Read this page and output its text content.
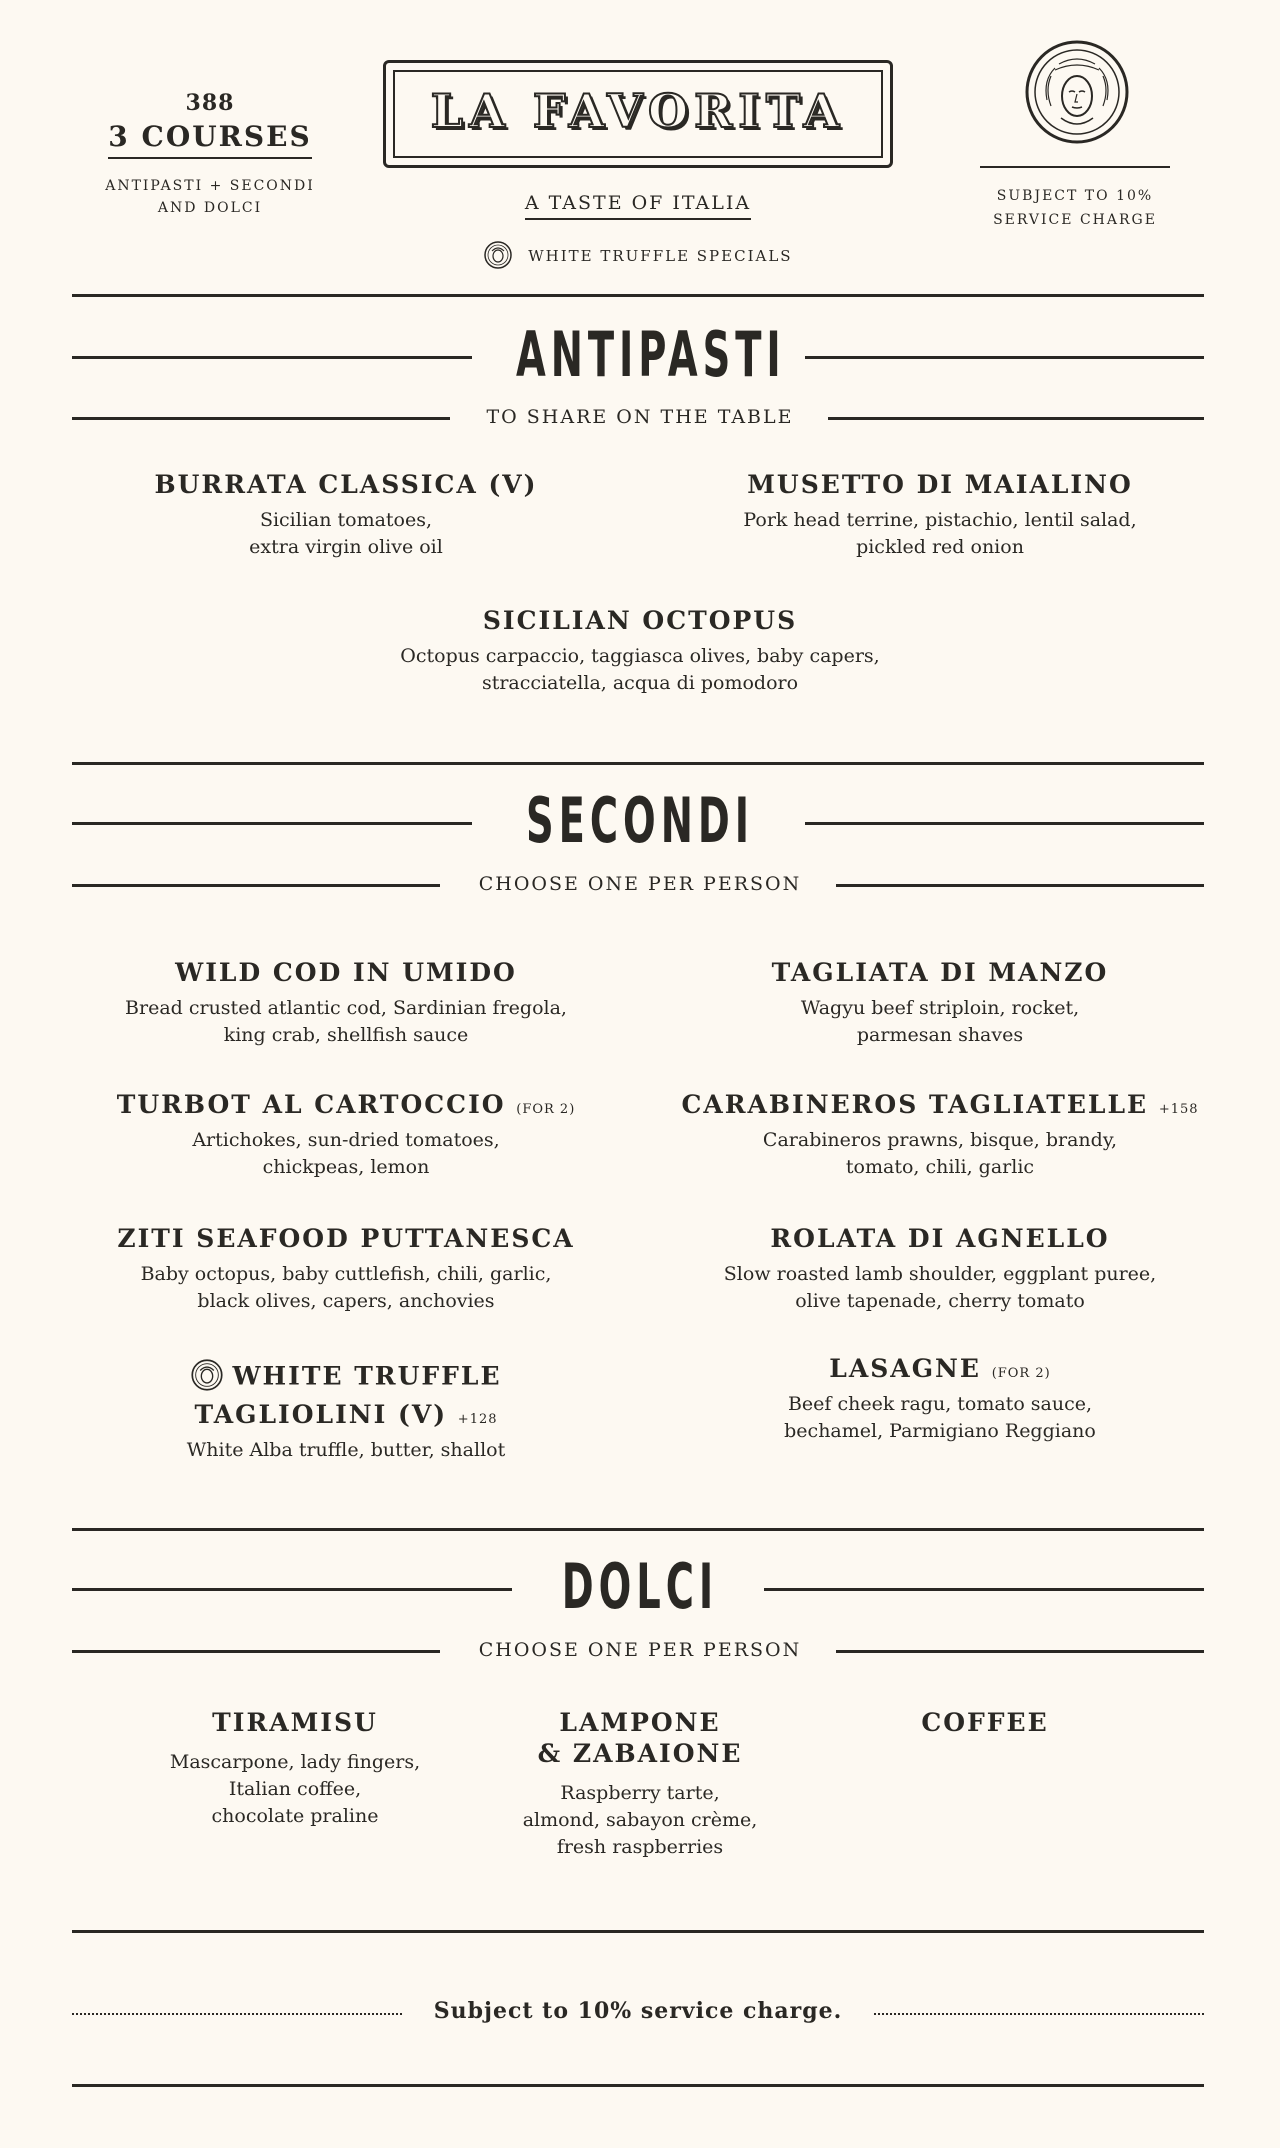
388
3 COURSES
ANTIPASTI + SECONDI
AND DOLCI
LA FAVORITA
A TASTE OF ITALIA
WHITE TRUFFLE SPECIALS
SUBJECT TO 10%
SERVICE CHARGE
ANTIPASTI
TO SHARE ON THE TABLE
BURRATA CLASSICA (V)
Sicilian tomatoes,
extra virgin olive oil
MUSETTO DI MAIALINO
Pork head terrine, pistachio, lentil salad,
pickled red onion
SICILIAN OCTOPUS
Octopus carpaccio, taggiasca olives, baby capers,
stracciatella, acqua di pomodoro
SECONDI
CHOOSE ONE PER PERSON
WILD COD IN UMIDO
Bread crusted atlantic cod, Sardinian fregola,
king crab, shellfish sauce
TURBOT AL CARTOCCIO (FOR 2)
Artichokes, sun-dried tomatoes,
chickpeas, lemon
ZITI SEAFOOD PUTTANESCA
Baby octopus, baby cuttlefish, chili, garlic,
black olives, capers, anchovies
WHITE TRUFFLE
TAGLIOLINI (V) +128
White Alba truffle, butter, shallot
TAGLIATA DI MANZO
Wagyu beef striploin, rocket,
parmesan shaves
CARABINEROS TAGLIATELLE +158
Carabineros prawns, bisque, brandy,
tomato, chili, garlic
ROLATA DI AGNELLO
Slow roasted lamb shoulder, eggplant puree,
olive tapenade, cherry tomato
LASAGNE (FOR 2)
Beef cheek ragu, tomato sauce,
bechamel, Parmigiano Reggiano
DOLCI
CHOOSE ONE PER PERSON
TIRAMISU
Mascarpone, lady fingers,
Italian coffee,
chocolate praline
LAMPONE
& ZABAIONE
Raspberry tarte,
almond, sabayon crème,
fresh raspberries
COFFEE
Subject to 10% service charge.
